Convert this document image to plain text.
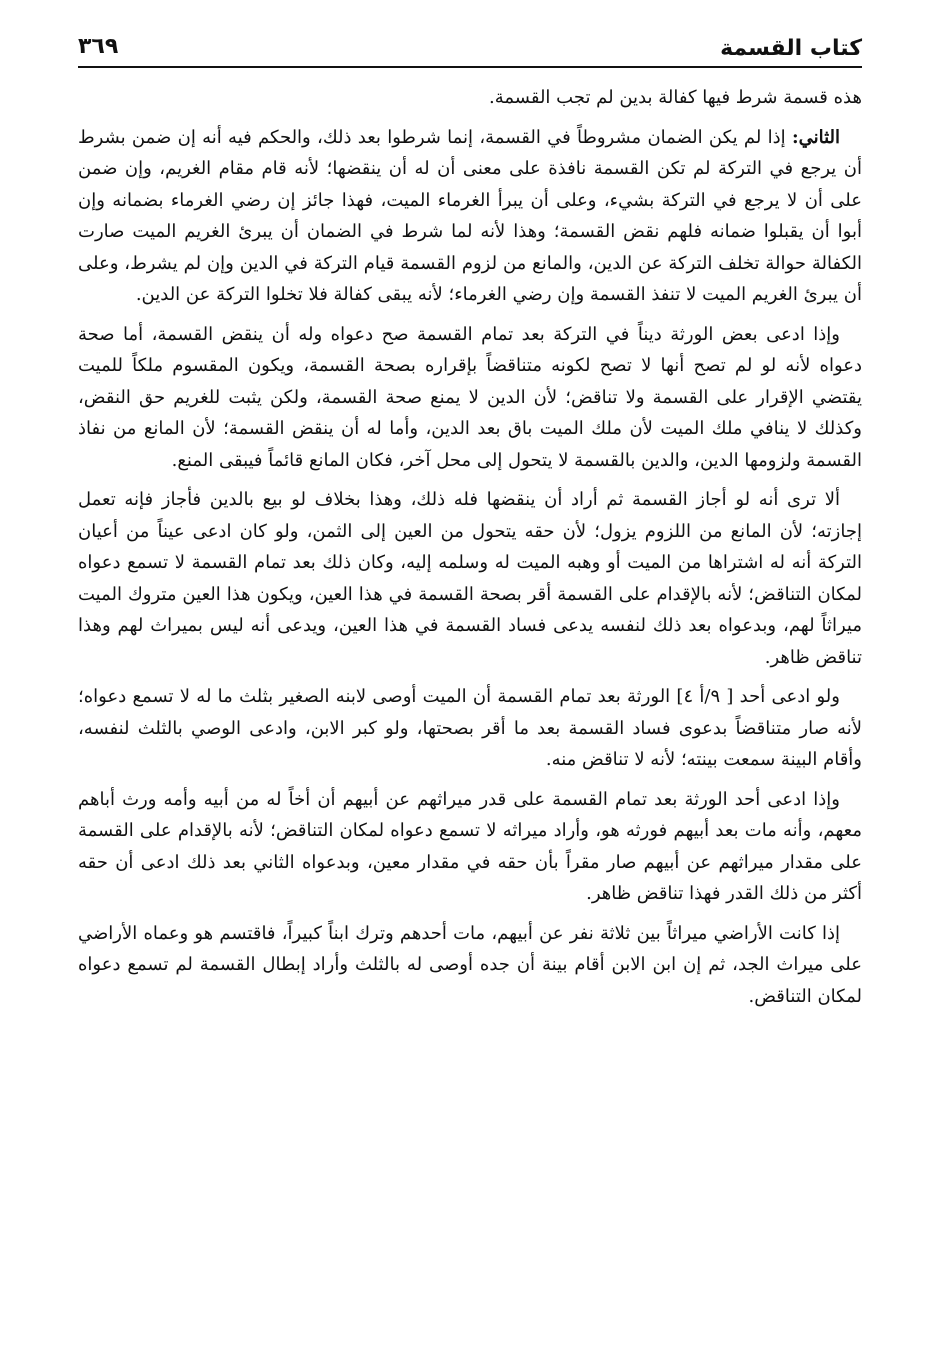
كتاب القسمة
٣٦٩

هذه قسمة شرط فيها كفالة بدين لم تجب القسمة.

الثاني: إذا لم يكن الضمان مشروطاً في القسمة، إنما شرطوا بعد ذلك، والحكم فيه أنه إن ضمن بشرط أن يرجع في التركة لم تكن القسمة نافذة على معنى أن له أن ينقضها؛ لأنه قام مقام الغريم، وإن ضمن على أن لا يرجع في التركة بشيء، وعلى أن يبرأ الغرماء الميت، فهذا جائز إن رضي الغرماء بضمانه وإن أبوا أن يقبلوا ضمانه فلهم نقض القسمة؛ وهذا لأنه لما شرط في الضمان أن يبرئ الغريم الميت صارت الكفالة حوالة تخلف التركة عن الدين، والمانع من لزوم القسمة قيام التركة في الدين وإن لم يشرط، وعلى أن يبرئ الغريم الميت لا تنفذ القسمة وإن رضي الغرماء؛ لأنه يبقى كفالة فلا تخلوا التركة عن الدين.

وإذا ادعى بعض الورثة ديناً في التركة بعد تمام القسمة صح دعواه وله أن ينقض القسمة، أما صحة دعواه لأنه لو لم تصح أنها لا تصح لكونه متناقضاً بإقراره بصحة القسمة، ويكون المقسوم ملكاً للميت يقتضي الإقرار على القسمة ولا تناقض؛ لأن الدين لا يمنع صحة القسمة، ولكن يثبت للغريم حق النقض، وكذلك لا ينافي ملك الميت لأن ملك الميت باق بعد الدين، وأما له أن ينقض القسمة؛ لأن المانع من نفاذ القسمة ولزومها الدين، والدين بالقسمة لا يتحول إلى محل آخر، فكان المانع قائماً فيبقى المنع.

ألا ترى أنه لو أجاز القسمة ثم أراد أن ينقضها فله ذلك، وهذا بخلاف لو بيع بالدين فأجاز فإنه تعمل إجازته؛ لأن المانع من اللزوم يزول؛ لأن حقه يتحول من العين إلى الثمن، ولو كان ادعى عيناً من أعيان التركة أنه له اشتراها من الميت أو وهبه الميت له وسلمه إليه، وكان ذلك بعد تمام القسمة لا تسمع دعواه لمكان التناقض؛ لأنه بالإقدام على القسمة أقر بصحة القسمة في هذا العين، ويكون هذا العين متروك الميت ميراثاً لهم، وبدعواه بعد ذلك لنفسه يدعى فساد القسمة في هذا العين، ويدعى أنه ليس بميراث لهم وهذا تناقض ظاهر.

ولو ادعى أحد [ ٩/أ ٤] الورثة بعد تمام القسمة أن الميت أوصى لابنه الصغير بثلث ما له لا تسمع دعواه؛ لأنه صار متناقضاً بدعوى فساد القسمة بعد ما أقر بصحتها، ولو كبر الابن، وادعى الوصي بالثلث لنفسه، وأقام البينة سمعت بينته؛ لأنه لا تناقض منه.

وإذا ادعى أحد الورثة بعد تمام القسمة على قدر ميراثهم عن أبيهم أن أخاً له من أبيه وأمه ورث أباهم معهم، وأنه مات بعد أبيهم فورثه هو، وأراد ميراثه لا تسمع دعواه لمكان التناقض؛ لأنه بالإقدام على القسمة على مقدار ميراثهم عن أبيهم صار مقراً بأن حقه في مقدار معين، وبدعواه الثاني بعد ذلك ادعى أن حقه أكثر من ذلك القدر فهذا تناقض ظاهر.

إذا كانت الأراضي ميراثاً بين ثلاثة نفر عن أبيهم، مات أحدهم وترك ابناً كبيراً، فاقتسم هو وعماه الأراضي على ميراث الجد، ثم إن ابن الابن أقام بينة أن جده أوصى له بالثلث وأراد إبطال القسمة لم تسمع دعواه لمكان التناقض.
